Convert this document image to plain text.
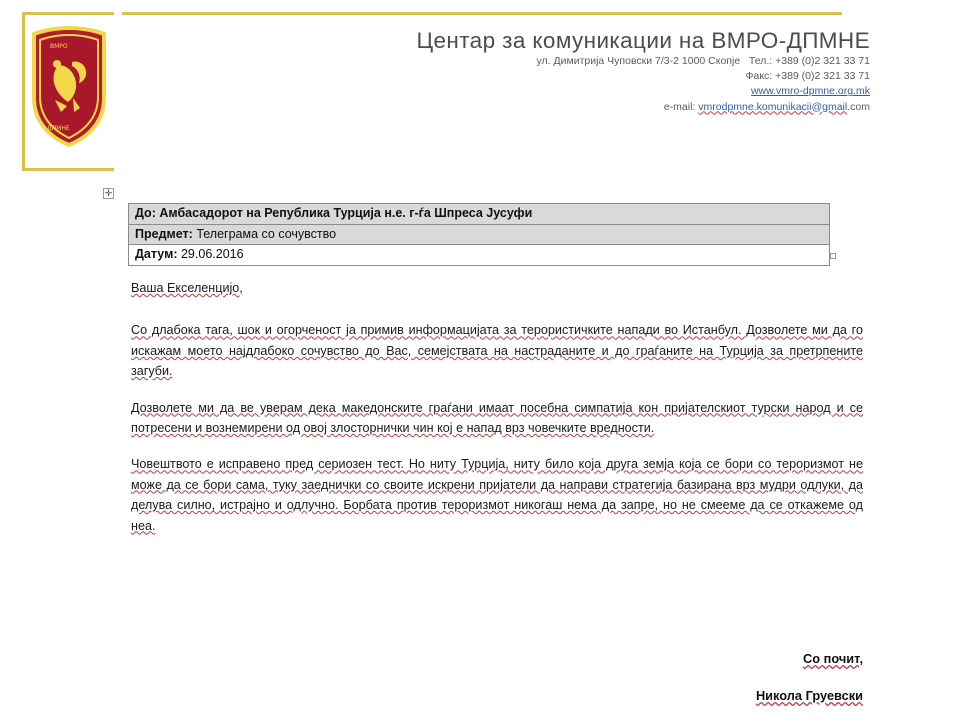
ВМРО
ДПМНЕ
Центар за комуникации на ВМРО-ДПМНЕ
ул. Димитрија Чуповски 7/3-2 1000 Скопје Тел.: +389 (0)2 321 33 71
Факс: +389 (0)2 321 33 71
www.vmro-dpmne.org.mk
e-mail: vmrodpmne.komunikacii@gmail.com
✛
До: Амбасадорот на Република Турција н.е. г-ѓа Шпреса Јусуфи
Предмет: Телеграма со сочувство
Датум: 29.06.2016

Ваша Екселенцијо,

Со длабока тага, шок и огорченост ја примив информацијата за терористичките напади во Истанбул. Дозволете ми да го искажам моето најдлабоко сочувство до Вас, семејствата на настраданите и до граѓаните на Турција за претрпените загуби.

Дозволете ми да ве уверам дека македонските граѓани имаат посебна симпатија кон пријателскиот турски народ и се потресени и вознемирени од овој злосторнички чин кој е напад врз човечките вредности.

Човештвото е исправено пред сериозен тест. Но ниту Турција, ниту било која друга земја која се бори со тероризмот не може да се бори сама, туку заеднички со своите искрени пријатели да направи стратегија базирана врз мудри одлуки, да делува силно, истрајно и одлучно. Борбата против тероризмот никогаш нема да запре, но не смееме да се откажеме од неа.

Со почит,
Никола Груевски
